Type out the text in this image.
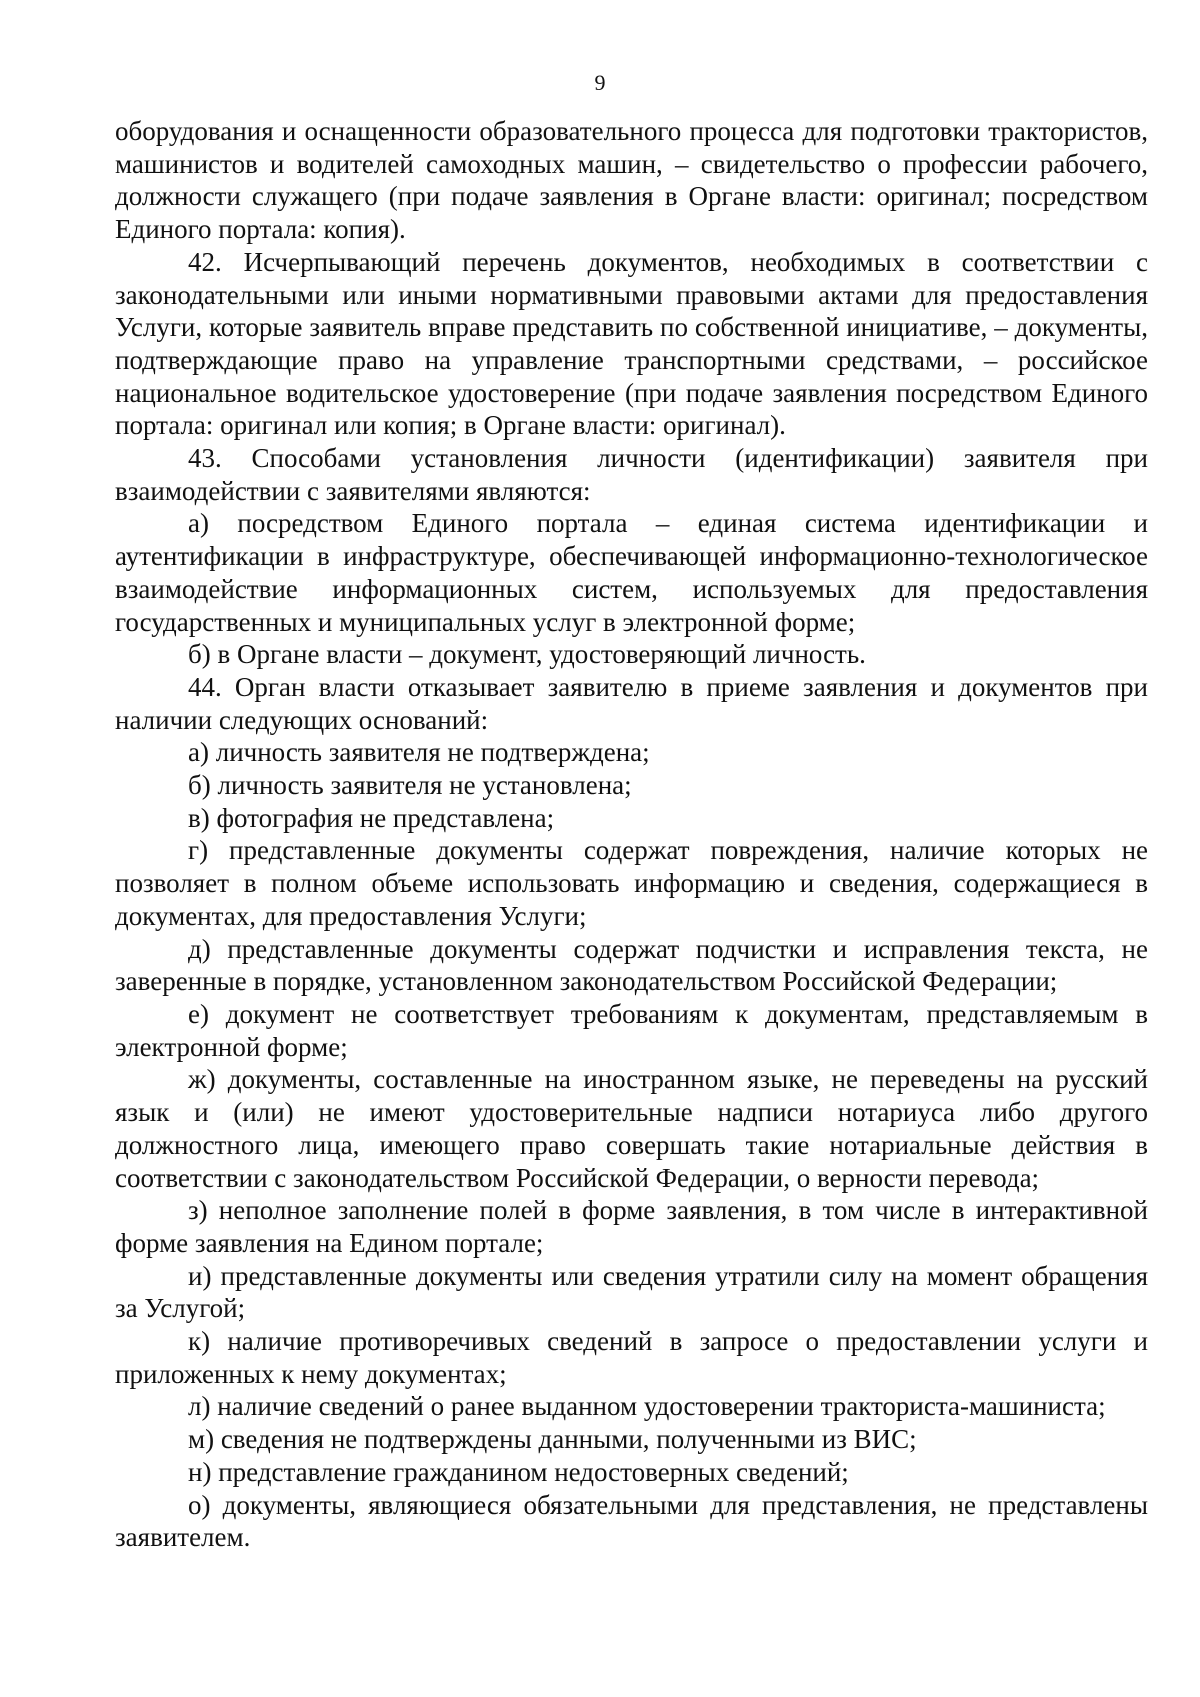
9

оборудования и оснащенности образовательного процесса для подготовки трактористов, машинистов и водителей самоходных машин, – свидетельство о профессии рабочего, должности служащего (при подаче заявления в Органе власти: оригинал; посредством Единого портала: копия).

42. Исчерпывающий перечень документов, необходимых в соответствии с законодательными или иными нормативными правовыми актами для предоставления Услуги, которые заявитель вправе представить по собственной инициативе, – документы, подтверждающие право на управление транспортными средствами, – российское национальное водительское удостоверение (при подаче заявления посредством Единого портала: оригинал или копия; в Органе власти: оригинал).

43. Способами установления личности (идентификации) заявителя при взаимодействии с заявителями являются:

а) посредством Единого портала – единая система идентификации и аутентификации в инфраструктуре, обеспечивающей информационно-технологическое взаимодействие информационных систем, используемых для предоставления государственных и муниципальных услуг в электронной форме;

б) в Органе власти – документ, удостоверяющий личность.

44. Орган власти отказывает заявителю в приеме заявления и документов при наличии следующих оснований:

а) личность заявителя не подтверждена;

б) личность заявителя не установлена;

в) фотография не представлена;

г) представленные документы содержат повреждения, наличие которых не позволяет в полном объеме использовать информацию и сведения, содержащиеся в документах, для предоставления Услуги;

д) представленные документы содержат подчистки и исправления текста, не заверенные в порядке, установленном законодательством Российской Федерации;

е) документ не соответствует требованиям к документам, представляемым в электронной форме;

ж) документы, составленные на иностранном языке, не переведены на русский язык и (или) не имеют удостоверительные надписи нотариуса либо другого должностного лица, имеющего право совершать такие нотариальные действия в соответствии с законодательством Российской Федерации, о верности перевода;

з) неполное заполнение полей в форме заявления, в том числе в интерактивной форме заявления на Едином портале;

и) представленные документы или сведения утратили силу на момент обращения за Услугой;

к) наличие противоречивых сведений в запросе о предоставлении услуги и приложенных к нему документах;

л) наличие сведений о ранее выданном удостоверении тракториста-машиниста;

м) сведения не подтверждены данными, полученными из ВИС;

н) представление гражданином недостоверных сведений;

о) документы, являющиеся обязательными для представления, не представлены заявителем.
